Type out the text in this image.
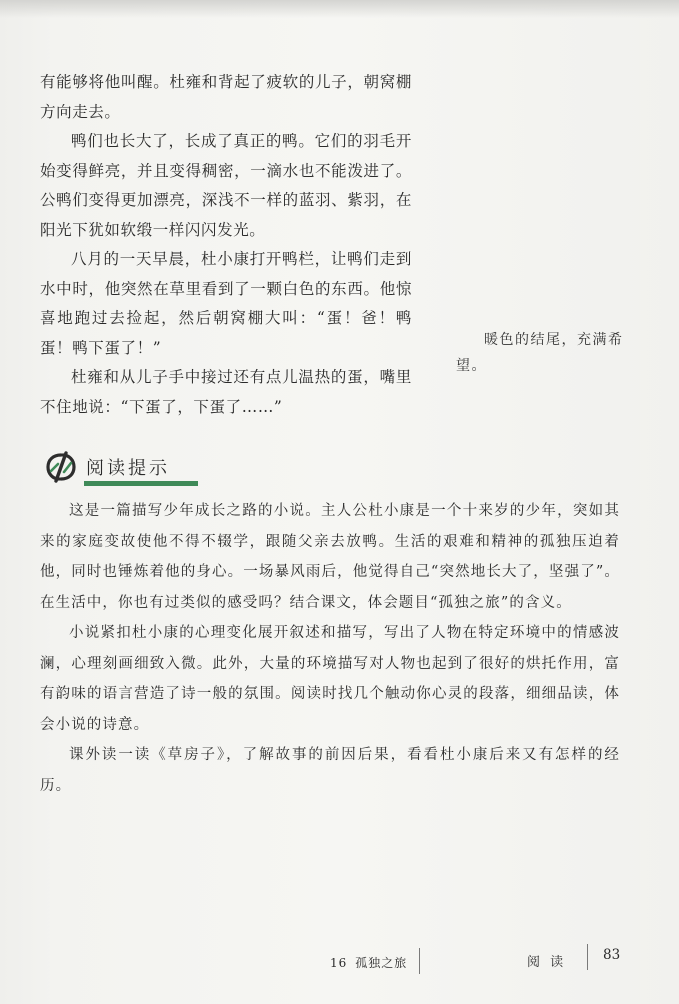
有能够将他叫醒。杜雍和背起了疲软的儿子，朝窝棚方向走去。

鸭们也长大了，长成了真正的鸭。它们的羽毛开始变得鲜亮，并且变得稠密，一滴水也不能泼进了。公鸭们变得更加漂亮，深浅不一样的蓝羽、紫羽，在阳光下犹如软缎一样闪闪发光。

八月的一天早晨，杜小康打开鸭栏，让鸭们走到水中时，他突然在草里看到了一颗白色的东西。他惊喜地跑过去捡起，然后朝窝棚大叫：“蛋！爸！鸭蛋！鸭下蛋了！”

杜雍和从儿子手中接过还有点儿温热的蛋，嘴里不住地说：“下蛋了，下蛋了……”

暖色的结尾，充满希望。
阅读提示

这是一篇描写少年成长之路的小说。主人公杜小康是一个十来岁的少年，突如其来的家庭变故使他不得不辍学，跟随父亲去放鸭。生活的艰难和精神的孤独压迫着他，同时也锤炼着他的身心。一场暴风雨后，他觉得自己“突然地长大了，坚强了”。在生活中，你也有过类似的感受吗？结合课文，体会题目“孤独之旅”的含义。

小说紧扣杜小康的心理变化展开叙述和描写，写出了人物在特定环境中的情感波澜，心理刻画细致入微。此外，大量的环境描写对人物也起到了很好的烘托作用，富有韵味的语言营造了诗一般的氛围。阅读时找几个触动你心灵的段落，细细品读，体会小说的诗意。

课外读一读《草房子》，了解故事的前因后果，看看杜小康后来又有怎样的经历。

16 孤独之旅	阅 读	83
